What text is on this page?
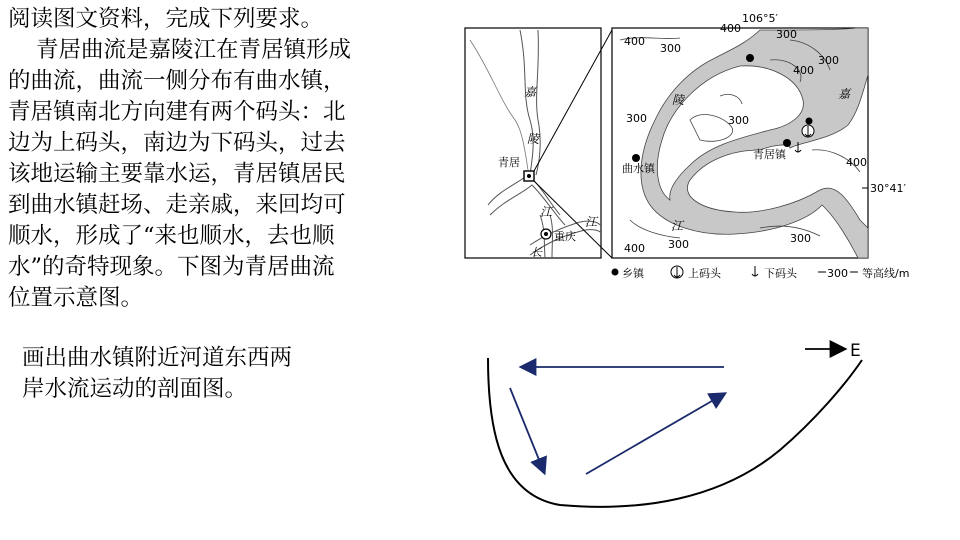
阅读图文资料，完成下列要求。
青居曲流是嘉陵江在青居镇形成
的曲流，曲流一侧分布有曲水镇，
青居镇南北方向建有两个码头：北
边为上码头，南边为下码头，过去
该地运输主要靠水运，青居镇居民
到曲水镇赶场、走亲戚，来回均可
顺水，形成了“来也顺水，去也顺
水”的奇特现象。下图为青居曲流
位置示意图。
画出曲水镇附近河道东西两
岸水流运动的剖面图。
嘉
陵
青居
江
江
重庆
长
106°5′
30°41′
陵	嘉
江
曲水镇
青居镇
400
300
400	300
300
300	300
400
400
300	300
400
乡镇	上码头	下码头	300 等高线/m
E
